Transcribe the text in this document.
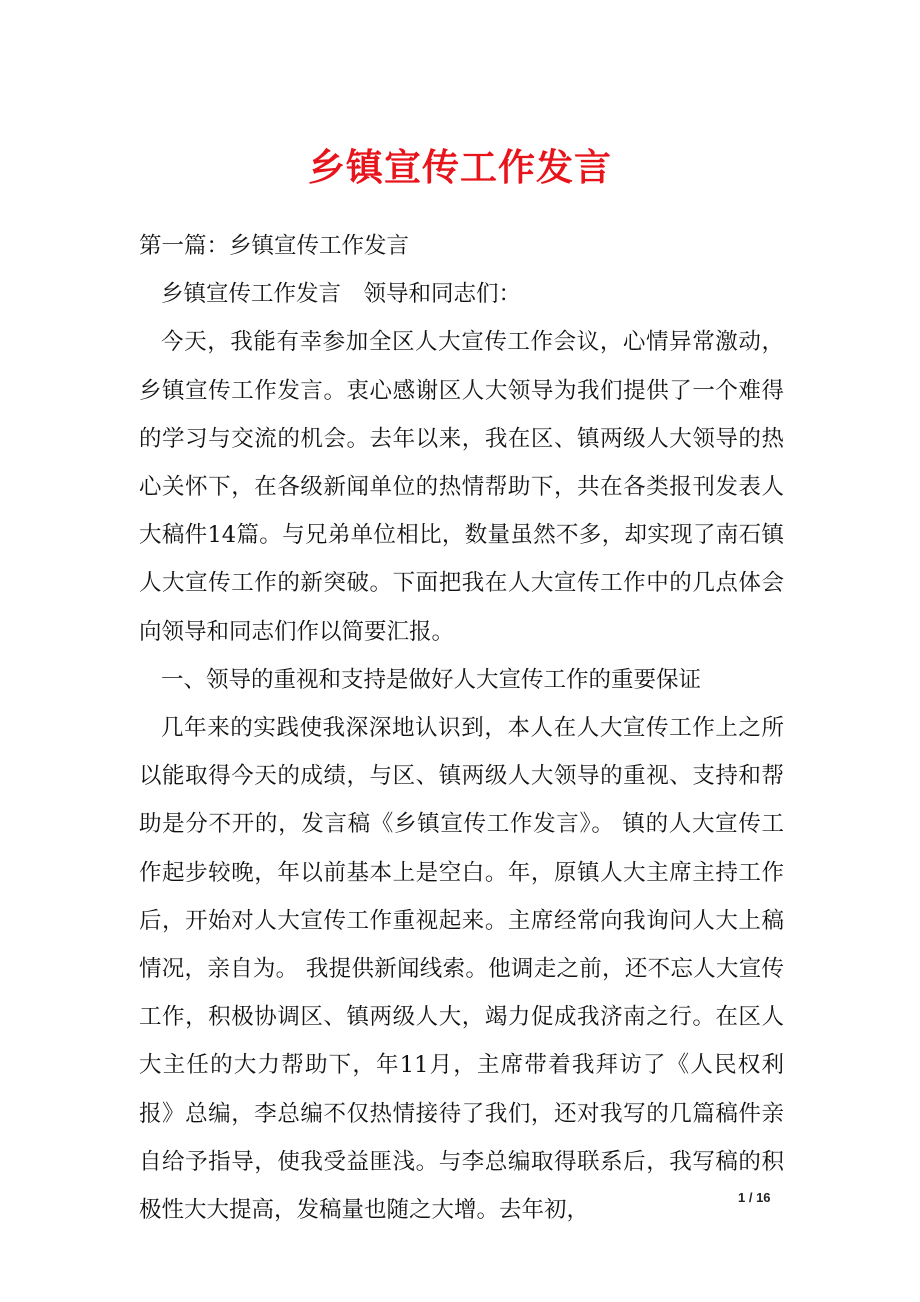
乡镇宣传工作发言

第一篇：乡镇宣传工作发言

乡镇宣传工作发言　领导和同志们：

今天，我能有幸参加全区人大宣传工作会议，心情异常激动，乡镇宣传工作发言。衷心感谢区人大领导为我们提供了一个难得的学习与交流的机会。去年以来，我在区、镇两级人大领导的热心关怀下，在各级新闻单位的热情帮助下，共在各类报刊发表人大稿件14篇。与兄弟单位相比，数量虽然不多，却实现了南石镇人大宣传工作的新突破。下面把我在人大宣传工作中的几点体会向领导和同志们作以简要汇报。

一、领导的重视和支持是做好人大宣传工作的重要保证

几年来的实践使我深深地认识到，本人在人大宣传工作上之所以能取得今天的成绩，与区、镇两级人大领导的重视、支持和帮助是分不开的，发言稿《乡镇宣传工作发言》。 镇的人大宣传工作起步较晚，年以前基本上是空白。年，原镇人大主席主持工作后，开始对人大宣传工作重视起来。主席经常向我询问人大上稿情况，亲自为。 我提供新闻线索。他调走之前，还不忘人大宣传工作，积极协调区、镇两级人大，竭力促成我济南之行。在区人大主任的大力帮助下，年11月，主席带着我拜访了《人民权利报》总编，李总编不仅热情接待了我们，还对我写的几篇稿件亲自给予指导，使我受益匪浅。与李总编取得联系后，我写稿的积极性大大提高，发稿量也随之大增。去年初，	1 / 16
